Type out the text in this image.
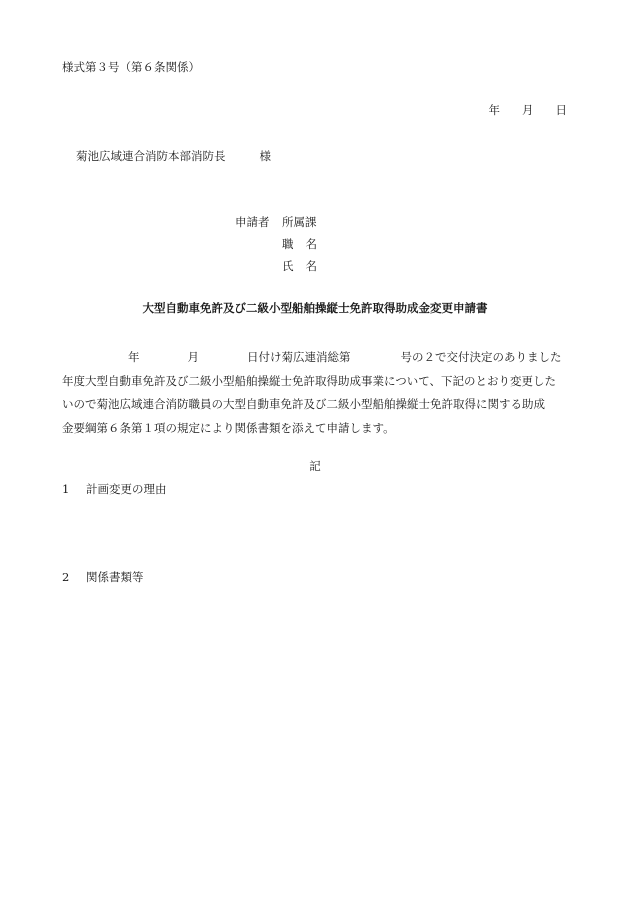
様式第３号（第６条関係）
年 月 日
菊池広域連合消防本部消防長	様
申請者 所属課
職名
氏名
大型自動車免許及び二級小型船舶操縦士免許取得助成金変更申請書
年	月	日付け菊広連消総第	号の２で交付決定のありました
年度大型自動車免許及び二級小型船舶操縦士免許取得助成事業について、下記のとおり変更した
いので菊池広域連合消防職員の大型自動車免許及び二級小型船舶操縦士免許取得に関する助成
金要綱第６条第１項の規定により関係書類を添えて申請します。
記
1 計画変更の理由
2 関係書類等
